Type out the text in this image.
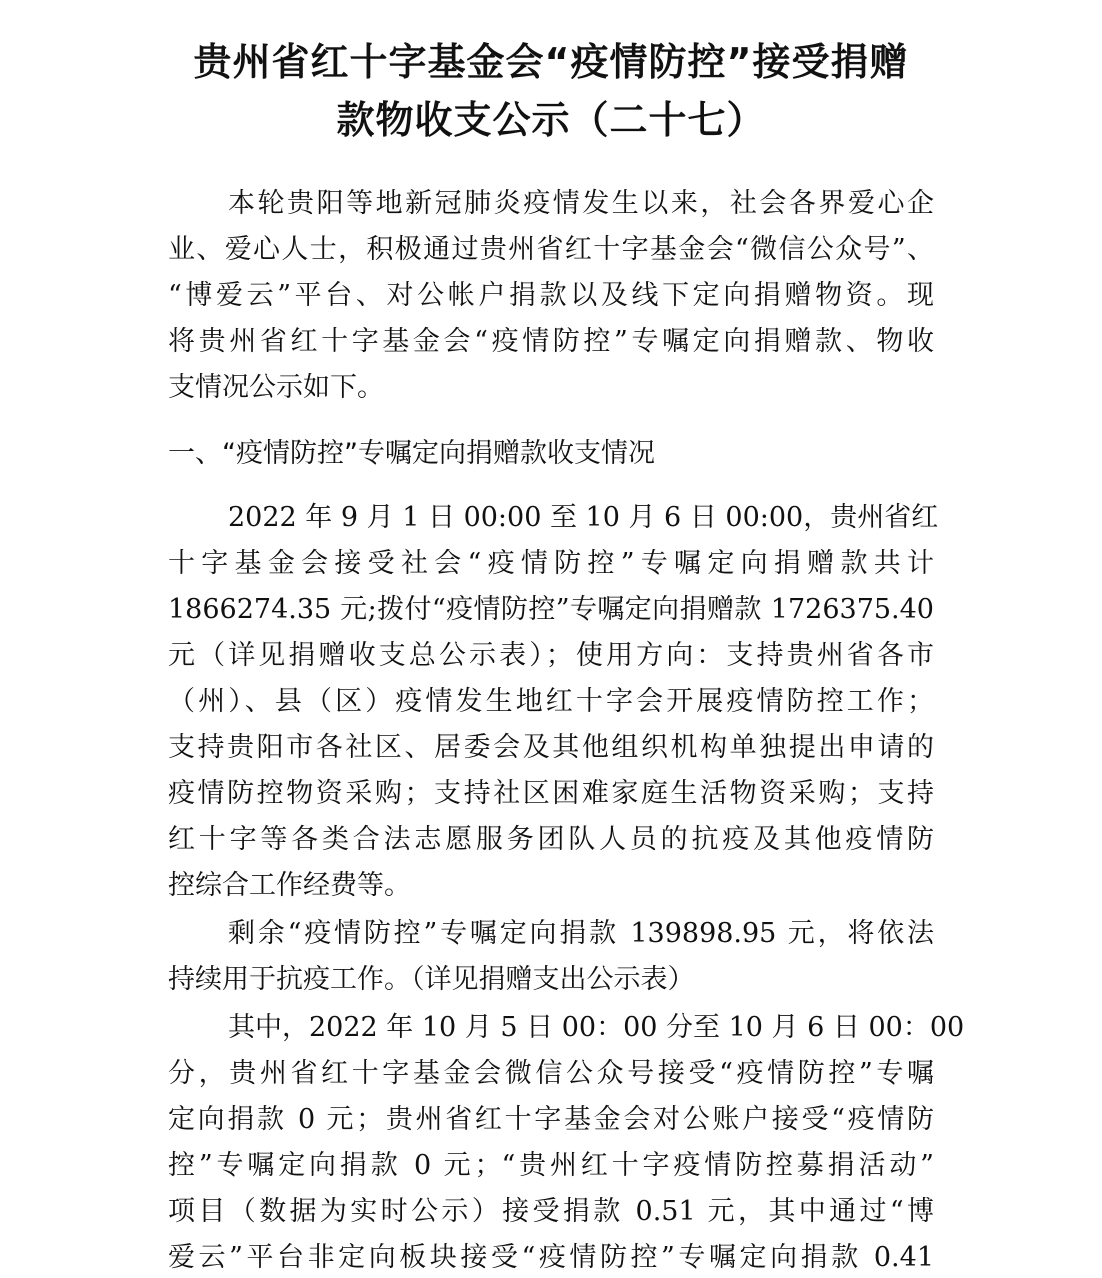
贵州省红十字基金会“疫情防控”接受捐赠
款物收支公示（二十七）
本轮贵阳等地新冠肺炎疫情发生以来，社会各界爱心企
业、爱心人士，积极通过贵州省红十字基金会“微信公众号”、
“博爱云”平台、对公帐户捐款以及线下定向捐赠物资。现
将贵州省红十字基金会“疫情防控”专嘱定向捐赠款、物收
支情况公示如下。
一、“疫情防控”专嘱定向捐赠款收支情况
2022 年 9 月 1 日 00:00 至 10 月 6 日 00:00，贵州省红
十字基金会接受社会“疫情防控”专嘱定向捐赠款共计
1866274.35 元;拨付“疫情防控”专嘱定向捐赠款 1726375.40
元（详见捐赠收支总公示表）；使用方向：支持贵州省各市
（州）、县（区）疫情发生地红十字会开展疫情防控工作；
支持贵阳市各社区、居委会及其他组织机构单独提出申请的
疫情防控物资采购；支持社区困难家庭生活物资采购；支持
红十字等各类合法志愿服务团队人员的抗疫及其他疫情防
控综合工作经费等。
剩余“疫情防控”专嘱定向捐款 139898.95 元，将依法
持续用于抗疫工作。（详见捐赠支出公示表）
其中，2022 年 10 月 5 日 00：00 分至 10 月 6 日 00：00
分，贵州省红十字基金会微信公众号接受“疫情防控”专嘱
定向捐款 0 元；贵州省红十字基金会对公账户接受“疫情防
控”专嘱定向捐款 0 元；“贵州红十字疫情防控募捐活动”
项目（数据为实时公示）接受捐款 0.51 元，其中通过“博
爱云”平台非定向板块接受“疫情防控”专嘱定向捐款 0.41
